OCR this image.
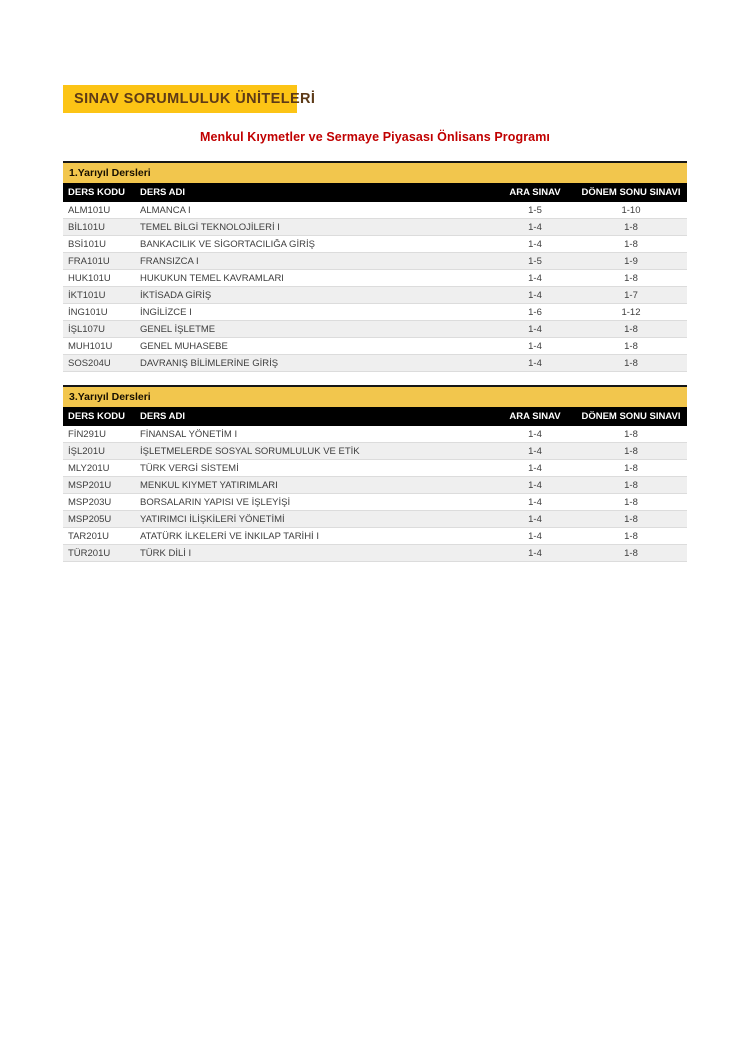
SINAV SORUMLULUK ÜNİTELERİ
Menkul Kıymetler ve Sermaye Piyasası Önlisans Programı
1.Yarıyıl Dersleri
DERS KODU	DERS ADI	ARA SINAV	DÖNEM SONU SINAVI
ALM101U	ALMANCA I	1-5	1-10
BİL101U	TEMEL BİLGİ TEKNOLOJİLERİ I	1-4	1-8
BSİ101U	BANKACILIK VE SİGORTACILIĞA GİRİŞ	1-4	1-8
FRA101U	FRANSIZCA I	1-5	1-9
HUK101U	HUKUKUN TEMEL KAVRAMLARI	1-4	1-8
İKT101U	İKTİSADA GİRİŞ	1-4	1-7
İNG101U	İNGİLİZCE I	1-6	1-12
İŞL107U	GENEL İŞLETME	1-4	1-8
MUH101U	GENEL MUHASEBE	1-4	1-8
SOS204U	DAVRANIŞ BİLİMLERİNE GİRİŞ	1-4	1-8
3.Yarıyıl Dersleri
DERS KODU	DERS ADI	ARA SINAV	DÖNEM SONU SINAVI
FİN291U	FİNANSAL YÖNETİM I	1-4	1-8
İŞL201U	İŞLETMELERDE SOSYAL SORUMLULUK VE ETİK	1-4	1-8
MLY201U	TÜRK VERGİ SİSTEMİ	1-4	1-8
MSP201U	MENKUL KIYMET YATIRIMLARI	1-4	1-8
MSP203U	BORSALARIN YAPISI VE İŞLEYİŞİ	1-4	1-8
MSP205U	YATIRIMCI İLİŞKİLERİ YÖNETİMİ	1-4	1-8
TAR201U	ATATÜRK İLKELERİ VE İNKILAP TARİHİ I	1-4	1-8
TÜR201U	TÜRK DİLİ I	1-4	1-8
